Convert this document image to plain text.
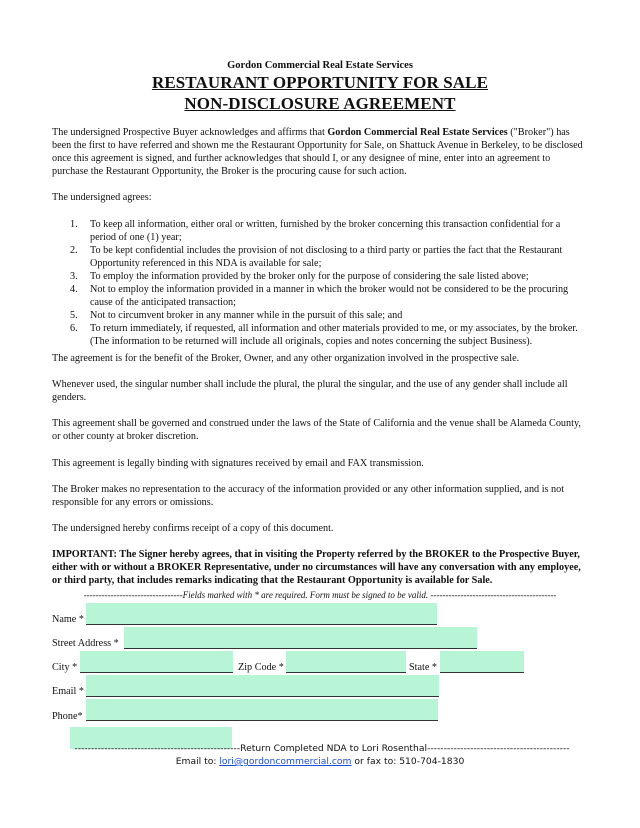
Gordon Commercial Real Estate Services
RESTAURANT OPPORTUNITY FOR SALE
NON-DISCLOSURE AGREEMENT

The undersigned Prospective Buyer acknowledges and affirms that Gordon Commercial Real Estate Services ("Broker") has been the first to have referred and shown me the Restaurant Opportunity for Sale, on Shattuck Avenue in Berkeley, to be disclosed once this agreement is signed, and further acknowledges that should I, or any designee of mine, enter into an agreement to purchase the Restaurant Opportunity, the Broker is the procuring cause for such action.

The undersigned agrees:

1. To keep all information, either oral or written, furnished by the broker concerning this transaction confidential for a period of one (1) year;
2. To be kept confidential includes the provision of not disclosing to a third party or parties the fact that the Restaurant Opportunity referenced in this NDA is available for sale;
3. To employ the information provided by the broker only for the purpose of considering the sale listed above;
4. Not to employ the information provided in a manner in which the broker would not be considered to be the procuring cause of the anticipated transaction;
5. Not to circumvent broker in any manner while in the pursuit of this sale; and
6. To return immediately, if requested, all information and other materials provided to me, or my associates, by the broker. (The information to be returned will include all originals, copies and notes concerning the subject Business).

The agreement is for the benefit of the Broker, Owner, and any other organization involved in the prospective sale.

Whenever used, the singular number shall include the plural, the plural the singular, and the use of any gender shall include all genders.

This agreement shall be governed and construed under the laws of the State of California and the venue shall be Alameda County, or other county at broker discretion.

This agreement is legally binding with signatures received by email and FAX transmission.

The Broker makes no representation to the accuracy of the information provided or any other information supplied, and is not responsible for any errors or omissions.

The undersigned hereby confirms receipt of a copy of this document.

IMPORTANT: The Signer hereby agrees, that in visiting the Property referred by the BROKER to the Prospective Buyer, either with or without a BROKER Representative, under no circumstances will have any conversation with any employee, or third party, that includes remarks indicating that the Restaurant Opportunity is available for Sale.

---------------------------------Fields marked with * are required. Form must be signed to be valid. ------------------------------------------
Name *
Street Address *
City *	Zip Code *	State *
Email *
Phone*
--------------------------------------------------Return Completed NDA to Lori Rosenthal-------------------------------------------
Email to: lori@gordoncommercial.com or fax to: 510-704-1830
